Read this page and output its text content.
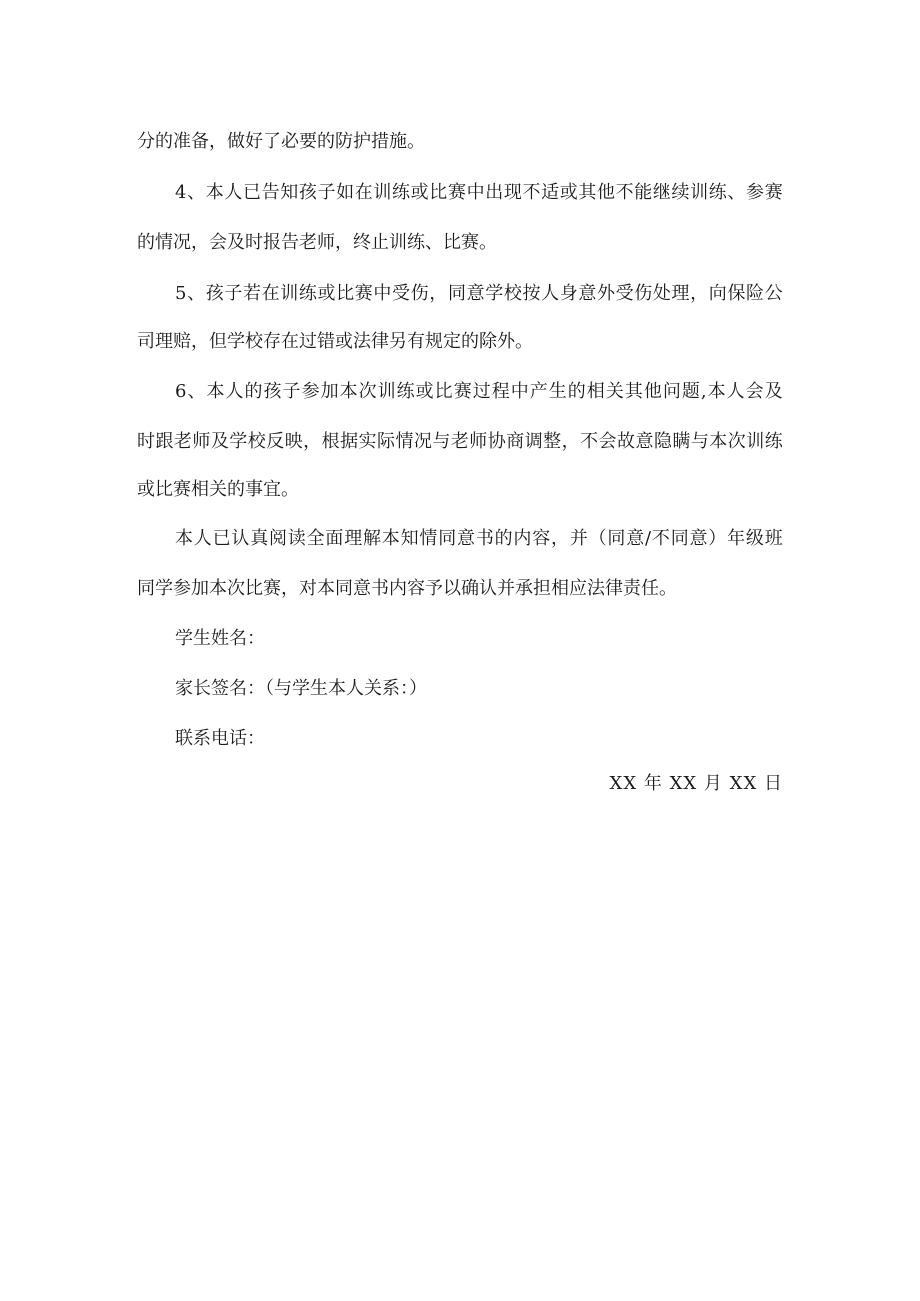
分的准备，做好了必要的防护措施。
4、本人已告知孩子如在训练或比赛中出现不适或其他不能继续训练、参赛
的情况，会及时报告老师，终止训练、比赛。
5、孩子若在训练或比赛中受伤，同意学校按人身意外受伤处理，向保险公
司理赔，但学校存在过错或法律另有规定的除外。
6、本人的孩子参加本次训练或比赛过程中产生的相关其他问题,本人会及
时跟老师及学校反映，根据实际情况与老师协商调整，不会故意隐瞒与本次训练
或比赛相关的事宜。
本人已认真阅读全面理解本知情同意书的内容，并（同意/不同意）年级班
同学参加本次比赛，对本同意书内容予以确认并承担相应法律责任。
学生姓名：
家长签名：（与学生本人关系：）
联系电话：
XX 年 XX 月 XX 日
